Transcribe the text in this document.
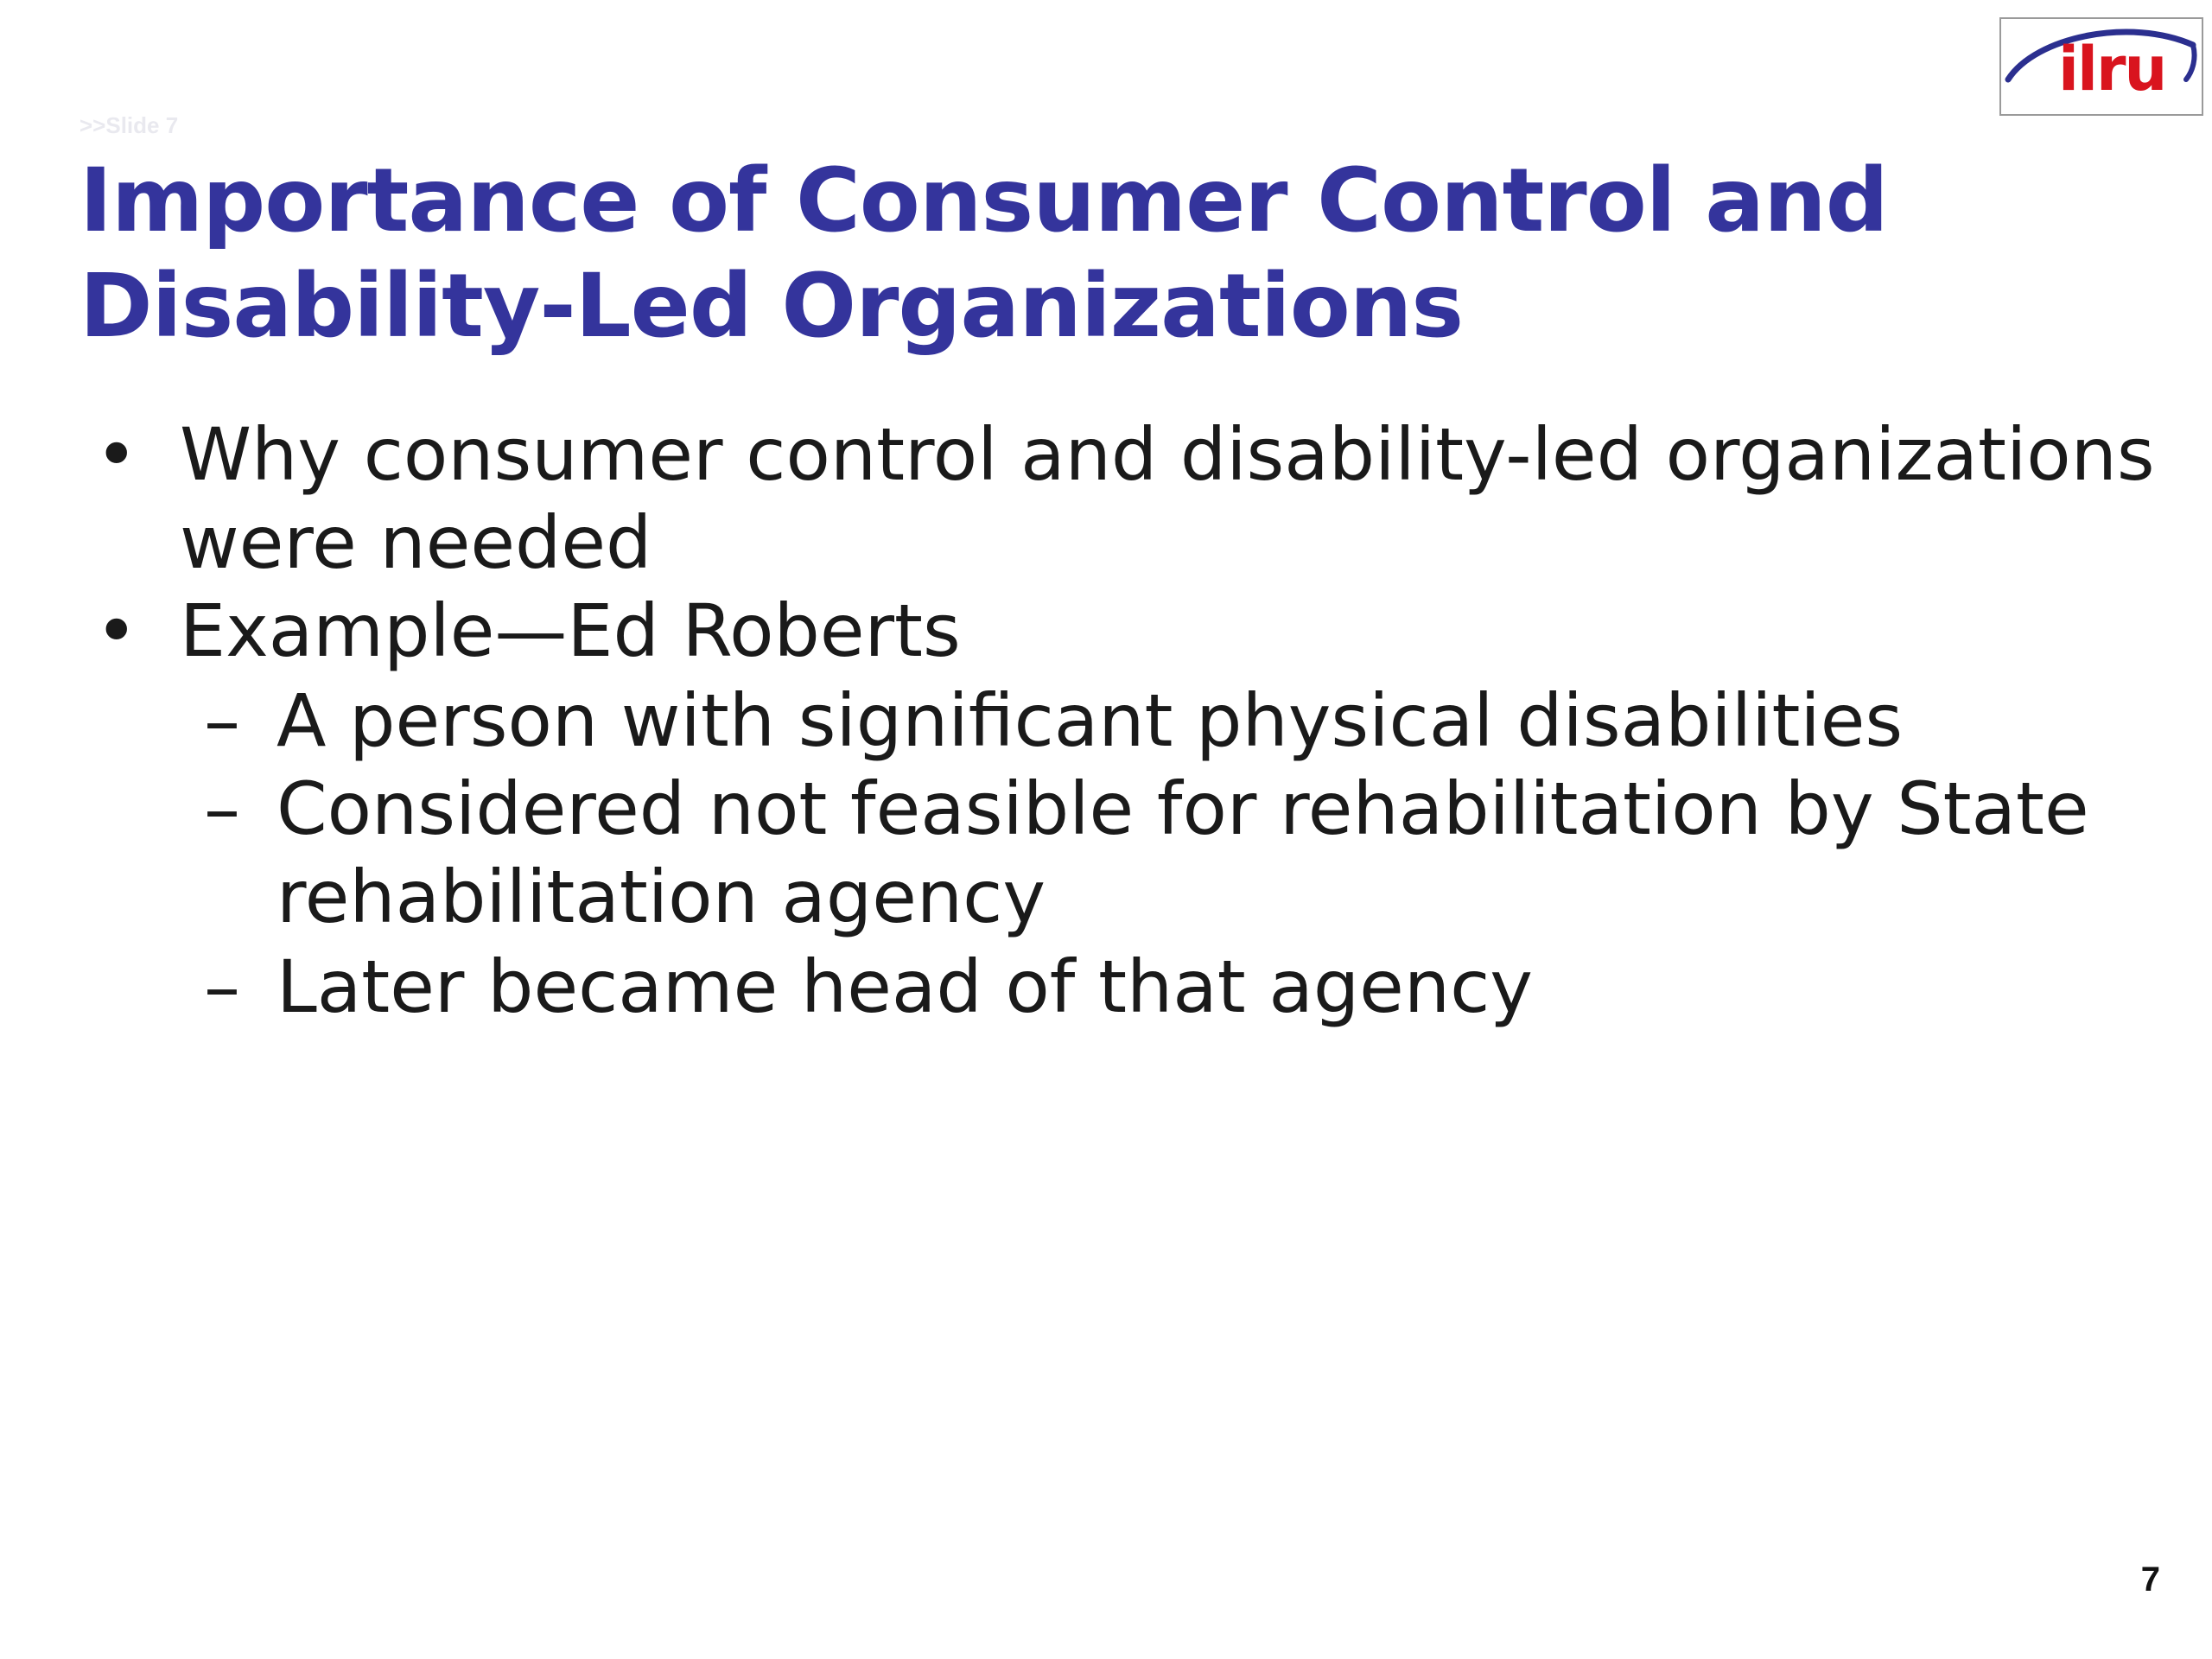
>>Slide 7
Importance of Consumer Control and
Disability-Led Organizations
ilru
• Why consumer control and disability-led organizations
were needed
• Example—Ed Roberts
– A person with significant physical disabilities
– Considered not feasible for rehabilitation by State
rehabilitation agency
– Later became head of that agency
7
